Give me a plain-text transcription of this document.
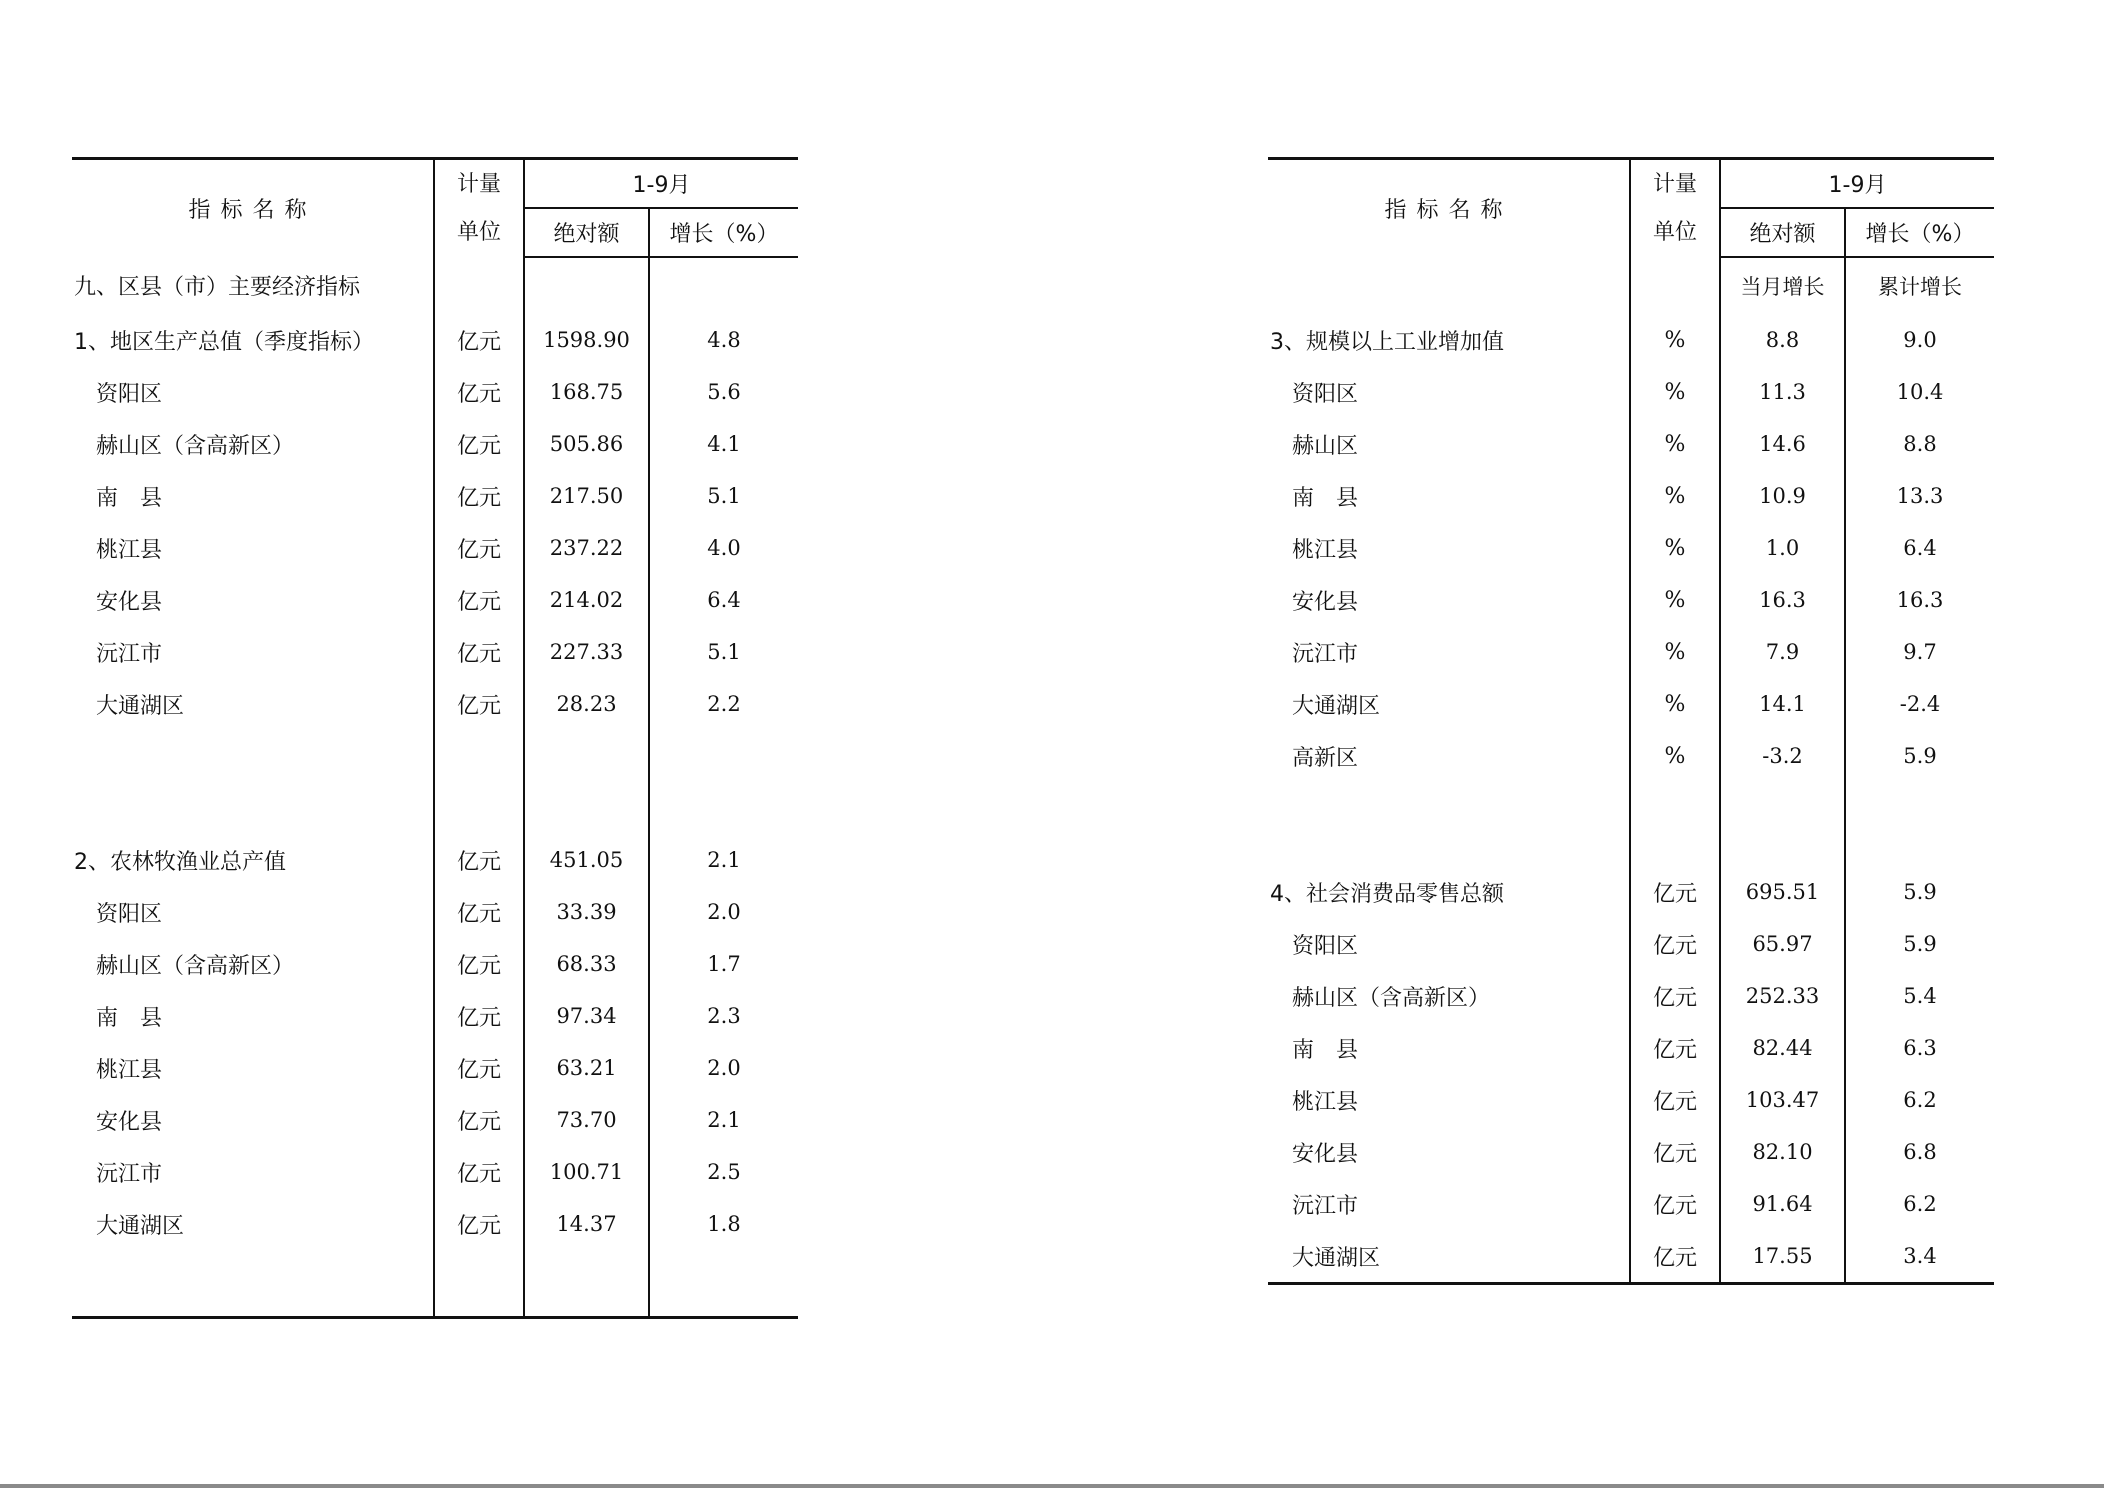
指标名称	计量
单位	1-9月	
		绝对额	增长（%）
九、区县（市）主要经济指标			
1、地区生产总值（季度指标）	亿元	1598.90	4.8
资阳区	亿元	168.75	5.6
赫山区（含高新区）	亿元	505.86	4.1
南　县	亿元	217.50	5.1
桃江县	亿元	237.22	4.0
安化县	亿元	214.02	6.4
沅江市	亿元	227.33	5.1
大通湖区	亿元	28.23	2.2

2、农林牧渔业总产值	亿元	451.05	2.1
资阳区	亿元	33.39	2.0
赫山区（含高新区）	亿元	68.33	1.7
南　县	亿元	97.34	2.3
桃江县	亿元	63.21	2.0
安化县	亿元	73.70	2.1
沅江市	亿元	100.71	2.5
大通湖区	亿元	14.37	1.8

指标名称	计量
单位	1-9月	
		绝对额	增长（%）
		当月增长	累计增长
3、规模以上工业增加值	%	8.8	9.0
资阳区	%	11.3	10.4
赫山区	%	14.6	8.8
南　县	%	10.9	13.3
桃江县	%	1.0	6.4
安化县	%	16.3	16.3
沅江市	%	7.9	9.7
大通湖区	%	14.1	-2.4
高新区	%	-3.2	5.9

4、社会消费品零售总额	亿元	695.51	5.9
资阳区	亿元	65.97	5.9
赫山区（含高新区）	亿元	252.33	5.4
南　县	亿元	82.44	6.3
桃江县	亿元	103.47	6.2
安化县	亿元	82.10	6.8
沅江市	亿元	91.64	6.2
大通湖区	亿元	17.55	3.4
